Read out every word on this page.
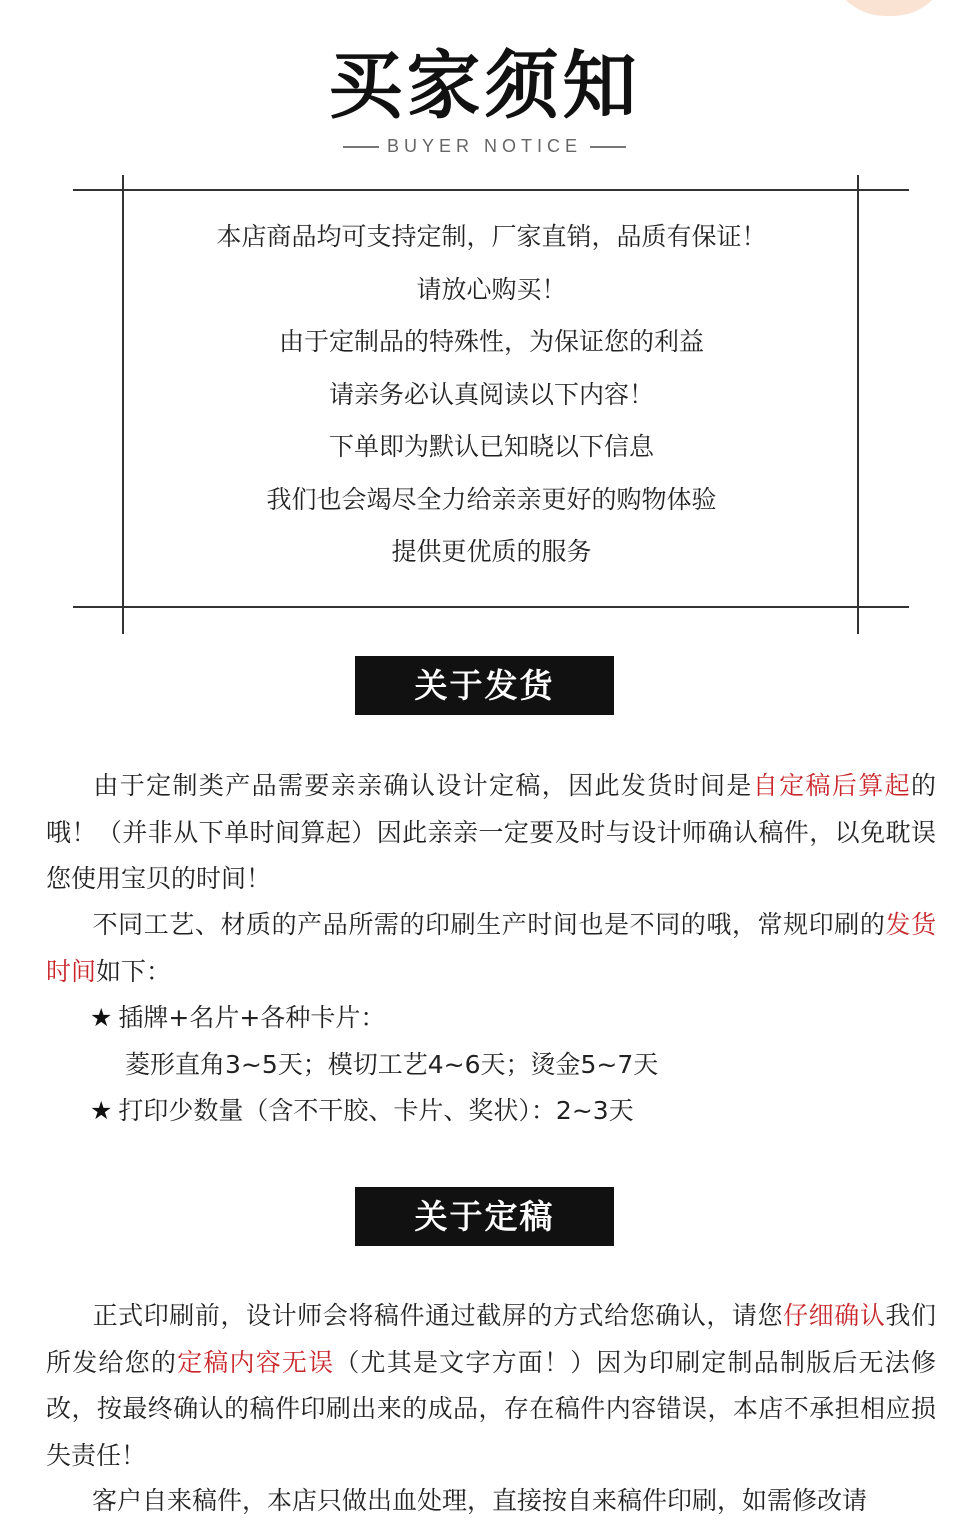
买家须知
BUYER NOTICE
本店商品均可支持定制，厂家直销，品质有保证！
请放心购买！
由于定制品的特殊性，为保证您的利益
请亲务必认真阅读以下内容！
下单即为默认已知晓以下信息
我们也会竭尽全力给亲亲更好的购物体验
提供更优质的服务
关于发货
由于定制类产品需要亲亲确认设计定稿，因此发货时间是自定稿后算起的哦！（并非从下单时间算起）因此亲亲一定要及时与设计师确认稿件，以免耽误您使用宝贝的时间！
不同工艺、材质的产品所需的印刷生产时间也是不同的哦，常规印刷的发货时间如下：
★ 插牌+名片+各种卡片：
菱形直角3~5天；模切工艺4~6天；烫金5~7天
★ 打印少数量（含不干胶、卡片、奖状）：2~3天
关于定稿
正式印刷前，设计师会将稿件通过截屏的方式给您确认，请您仔细确认我们所发给您的定稿内容无误（尤其是文字方面！）因为印刷定制品制版后无法修改，按最终确认的稿件印刷出来的成品，存在稿件内容错误，本店不承担相应损失责任！
客户自来稿件，本店只做出血处理，直接按自来稿件印刷，如需修改请
